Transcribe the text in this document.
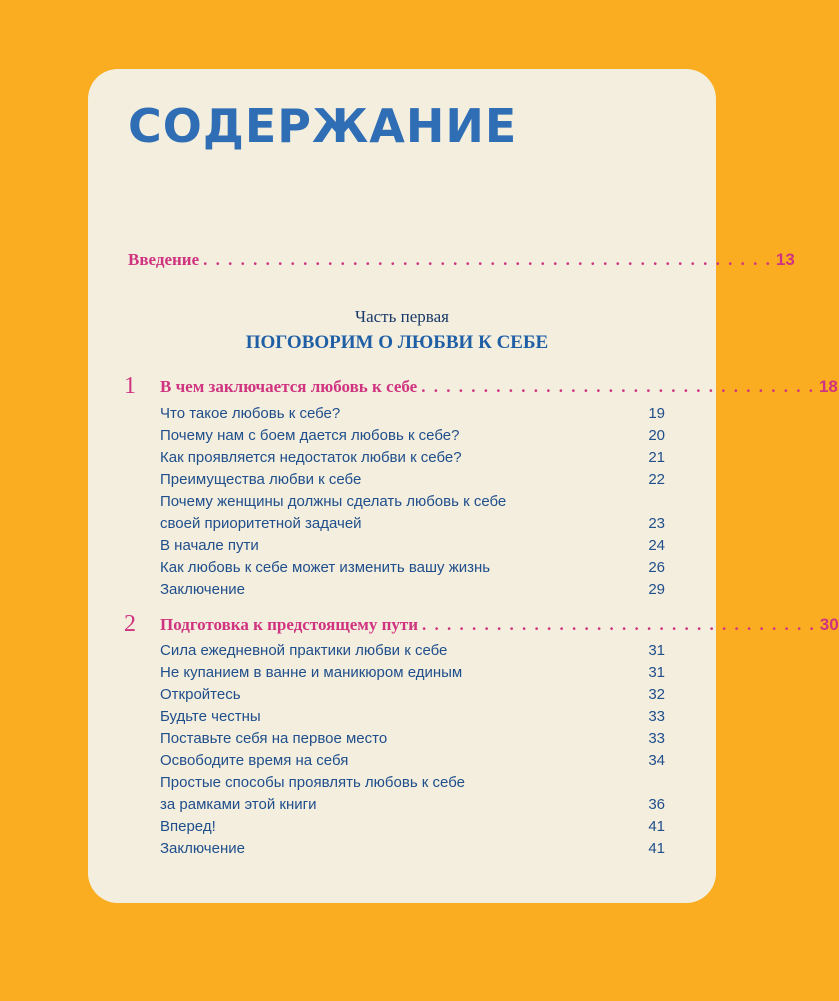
СОДЕРЖАНИЕ
Введение . . . . . . . . . . . . . . . . . . . . . . . . . . . . . . . . . . . . . . . . . . . . . . 13
Часть первая
ПОГОВОРИМ О ЛЮБВИ К СЕБЕ
1 В чем заключается любовь к себе . . . . . . . . . . . . . . . . . . . . . . . . . . . . . . . . 18
Что такое любовь к себе?	19
Почему нам с боем дается любовь к себе?	20
Как проявляется недостаток любви к себе?	21
Преимущества любви к себе	22
Почему женщины должны сделать любовь к себе
своей приоритетной задачей	23
В начале пути	24
Как любовь к себе может изменить вашу жизнь	26
Заключение	29
2 Подготовка к предстоящему пути . . . . . . . . . . . . . . . . . . . . . . . . . . . . . . . . 30
Сила ежедневной практики любви к себе	31
Не купанием в ванне и маникюром единым	31
Откройтесь	32
Будьте честны	33
Поставьте себя на первое место	33
Освободите время на себя	34
Простые способы проявлять любовь к себе
за рамками этой книги	36
Вперед!	41
Заключение	41
